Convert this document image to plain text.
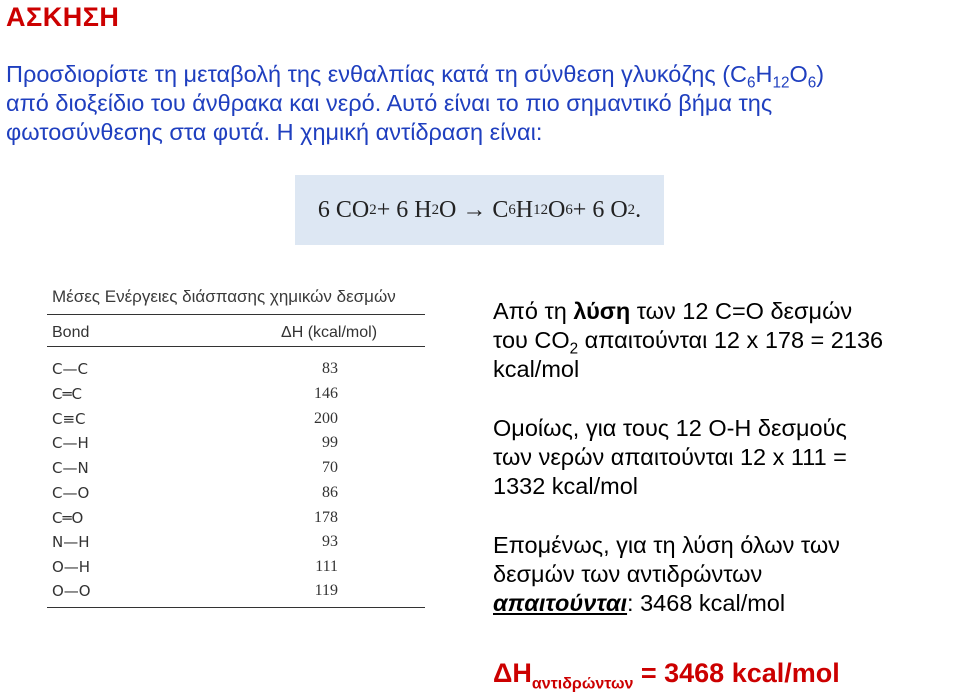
ΑΣΚΗΣΗ
Προσδιορίστε τη μεταβολή της ενθαλπίας κατά τη σύνθεση γλυκόζης $(C_6H_{12}O_6)$
από διοξείδιο του άνθρακα και νερό. Αυτό είναι το πιο σημαντικό βήμα της
φωτοσύνθεσης στα φυτά. Η χημική αντίδραση είναι:
6 CO 2 + 6 H 2 O → C 6 H 12 O 6 + 6 O 2 .
Μέσες Ενέργειες διάσπασης χημικών δεσμών
Bond	ΔH (kcal/mol)
C—C	83
C═C	146
C≡C	200
C—H	99
C—N	70
C—O	86
C═O	178
N—H	93
O—H	111
O—O	119

Από τη λύση των 12 C=O δεσμών

του $CO_2$ απαιτούνται 12 x 178 = 2136

kcal/mol

Ομοίως, για τους 12 O-H δεσμούς

των νερών απαιτούνται 12 x 111 =

1332 kcal/mol

Επομένως, για τη λύση όλων των

δεσμών των αντιδρώντων

απαιτούνται: 3468 kcal/mol

$\Delta H_{\alpha\nu\tau\iota\delta\rho ώ\nu\tau\omega\nu} = 3468$ kcal/mol
